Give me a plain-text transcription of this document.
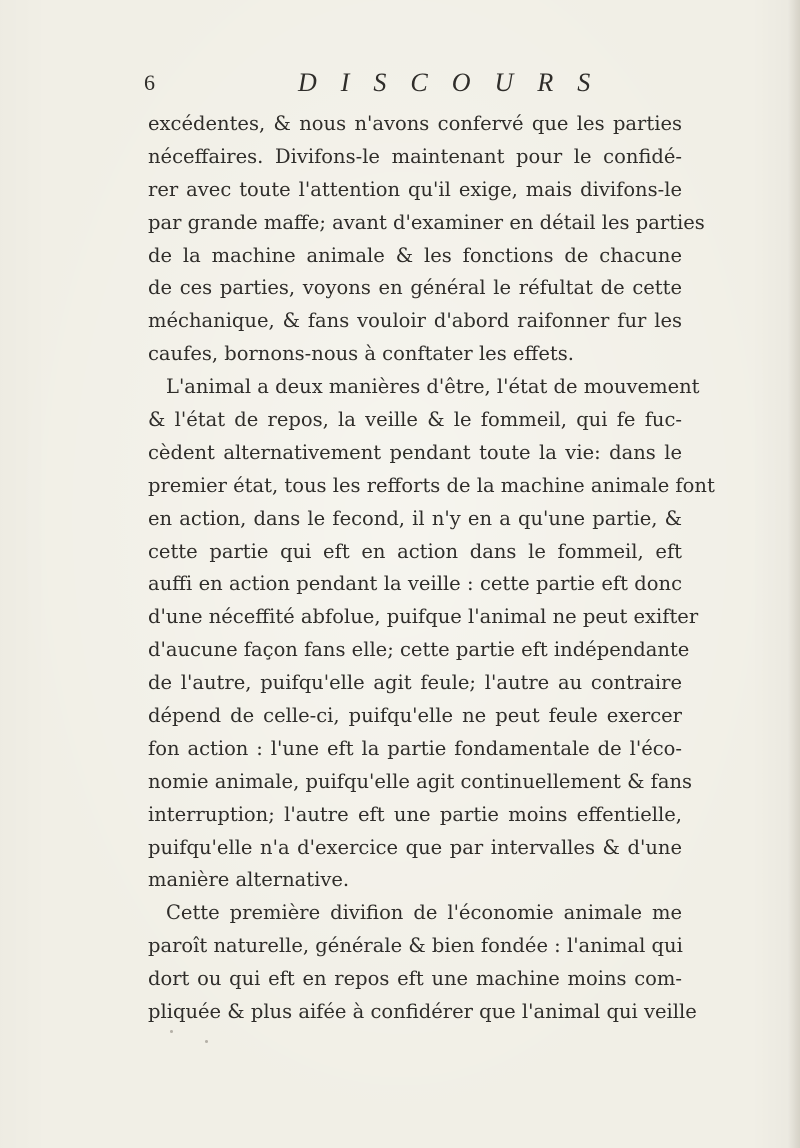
6	DISCOURS
excédentes, & nous n'avons confervé que les parties
néceffaires. Divifons-le maintenant pour le confidé-
rer avec toute l'attention qu'il exige, mais divifons-le
par grande maffe; avant d'examiner en détail les parties
de la machine animale & les fonctions de chacune
de ces parties, voyons en général le réfultat de cette
méchanique, & fans vouloir d'abord raifonner fur les
caufes, bornons-nous à conftater les effets.
L'animal a deux manières d'être, l'état de mouvement
& l'état de repos, la veille & le fommeil, qui fe fuc-
cèdent alternativement pendant toute la vie: dans le
premier état, tous les refforts de la machine animale font
en action, dans le fecond, il n'y en a qu'une partie, &
cette partie qui eft en action dans le fommeil, eft
auffi en action pendant la veille : cette partie eft donc
d'une néceffité abfolue, puifque l'animal ne peut exifter
d'aucune façon fans elle; cette partie eft indépendante
de l'autre, puifqu'elle agit feule; l'autre au contraire
dépend de celle-ci, puifqu'elle ne peut feule exercer
fon action : l'une eft la partie fondamentale de l'éco-
nomie animale, puifqu'elle agit continuellement & fans
interruption; l'autre eft une partie moins effentielle,
puifqu'elle n'a d'exercice que par intervalles & d'une
manière alternative.
Cette première divifion de l'économie animale me
paroît naturelle, générale & bien fondée : l'animal qui
dort ou qui eft en repos eft une machine moins com-
pliquée & plus aifée à confidérer que l'animal qui veille
